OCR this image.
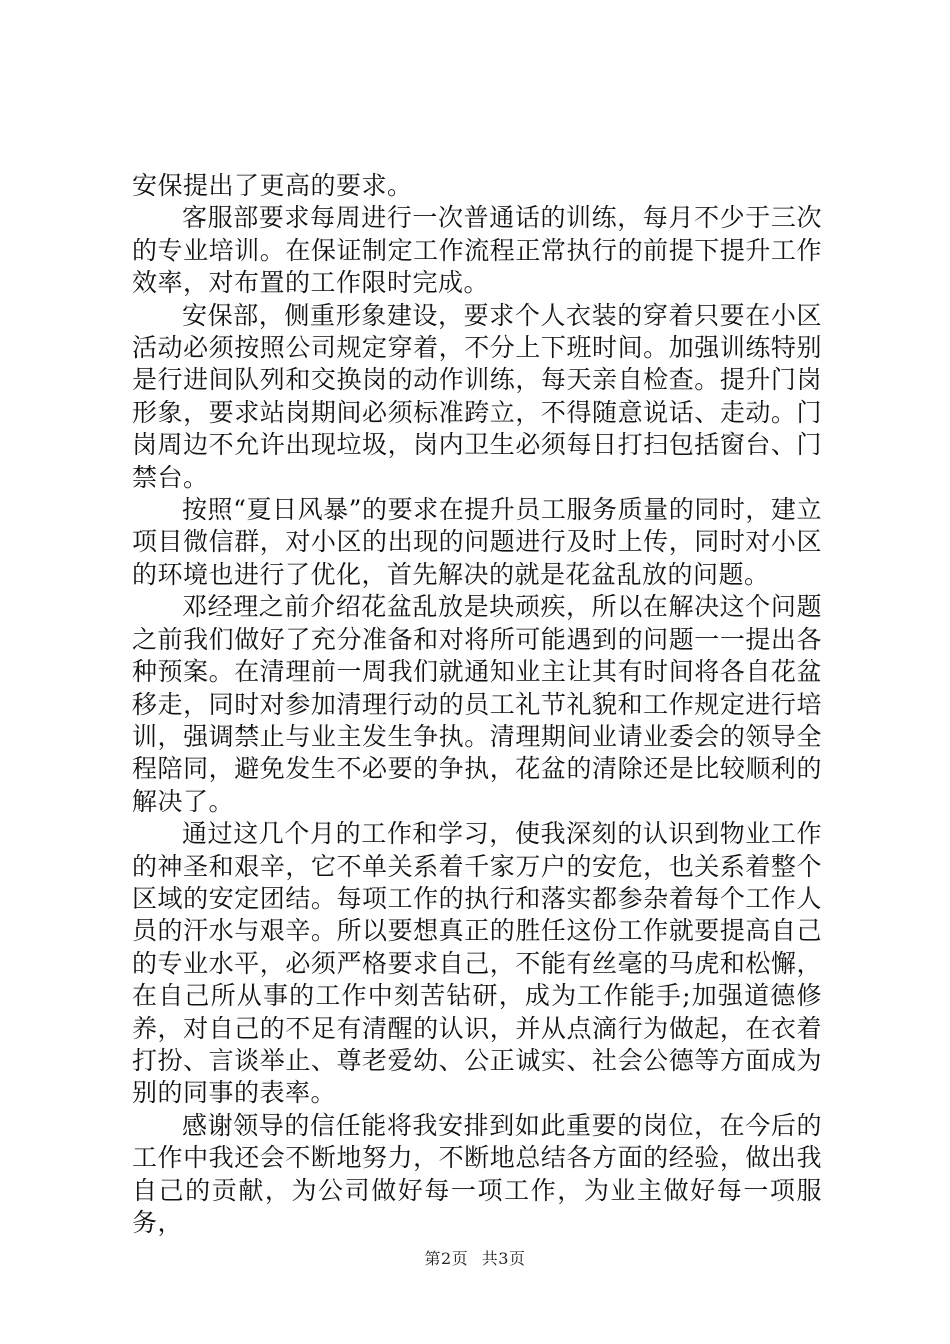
安保提出了更高的要求。

客服部要求每周进行一次普通话的训练，每月不少于三次的专业培训。在保证制定工作流程正常执行的前提下提升工作效率，对布置的工作限时完成。

安保部，侧重形象建设，要求个人衣装的穿着只要在小区活动必须按照公司规定穿着，不分上下班时间。加强训练特别是行进间队列和交换岗的动作训练，每天亲自检查。提升门岗形象，要求站岗期间必须标准跨立，不得随意说话、走动。门岗周边不允许出现垃圾，岗内卫生必须每日打扫包括窗台、门禁台。

按照“夏日风暴”的要求在提升员工服务质量的同时，建立项目微信群，对小区的出现的问题进行及时上传，同时对小区的环境也进行了优化，首先解决的就是花盆乱放的问题。

邓经理之前介绍花盆乱放是块顽疾，所以在解决这个问题之前我们做好了充分准备和对将所可能遇到的问题一一提出各种预案。在清理前一周我们就通知业主让其有时间将各自花盆移走，同时对参加清理行动的员工礼节礼貌和工作规定进行培训，强调禁止与业主发生争执。清理期间业请业委会的领导全程陪同，避免发生不必要的争执，花盆的清除还是比较顺利的解决了。

通过这几个月的工作和学习，使我深刻的认识到物业工作的神圣和艰辛，它不单关系着千家万户的安危，也关系着整个区域的安定团结。每项工作的执行和落实都参杂着每个工作人员的汗水与艰辛。所以要想真正的胜任这份工作就要提高自己的专业水平，必须严格要求自己，不能有丝毫的马虎和松懈，在自己所从事的工作中刻苦钻研，成为工作能手;加强道德修养，对自己的不足有清醒的认识，并从点滴行为做起，在衣着打扮、言谈举止、尊老爱幼、公正诚实、社会公德等方面成为别的同事的表率。

感谢领导的信任能将我安排到如此重要的岗位，在今后的工作中我还会不断地努力，不断地总结各方面的经验，做出我自己的贡献，为公司做好每一项工作，为业主做好每一项服务，

第2页 共3页
